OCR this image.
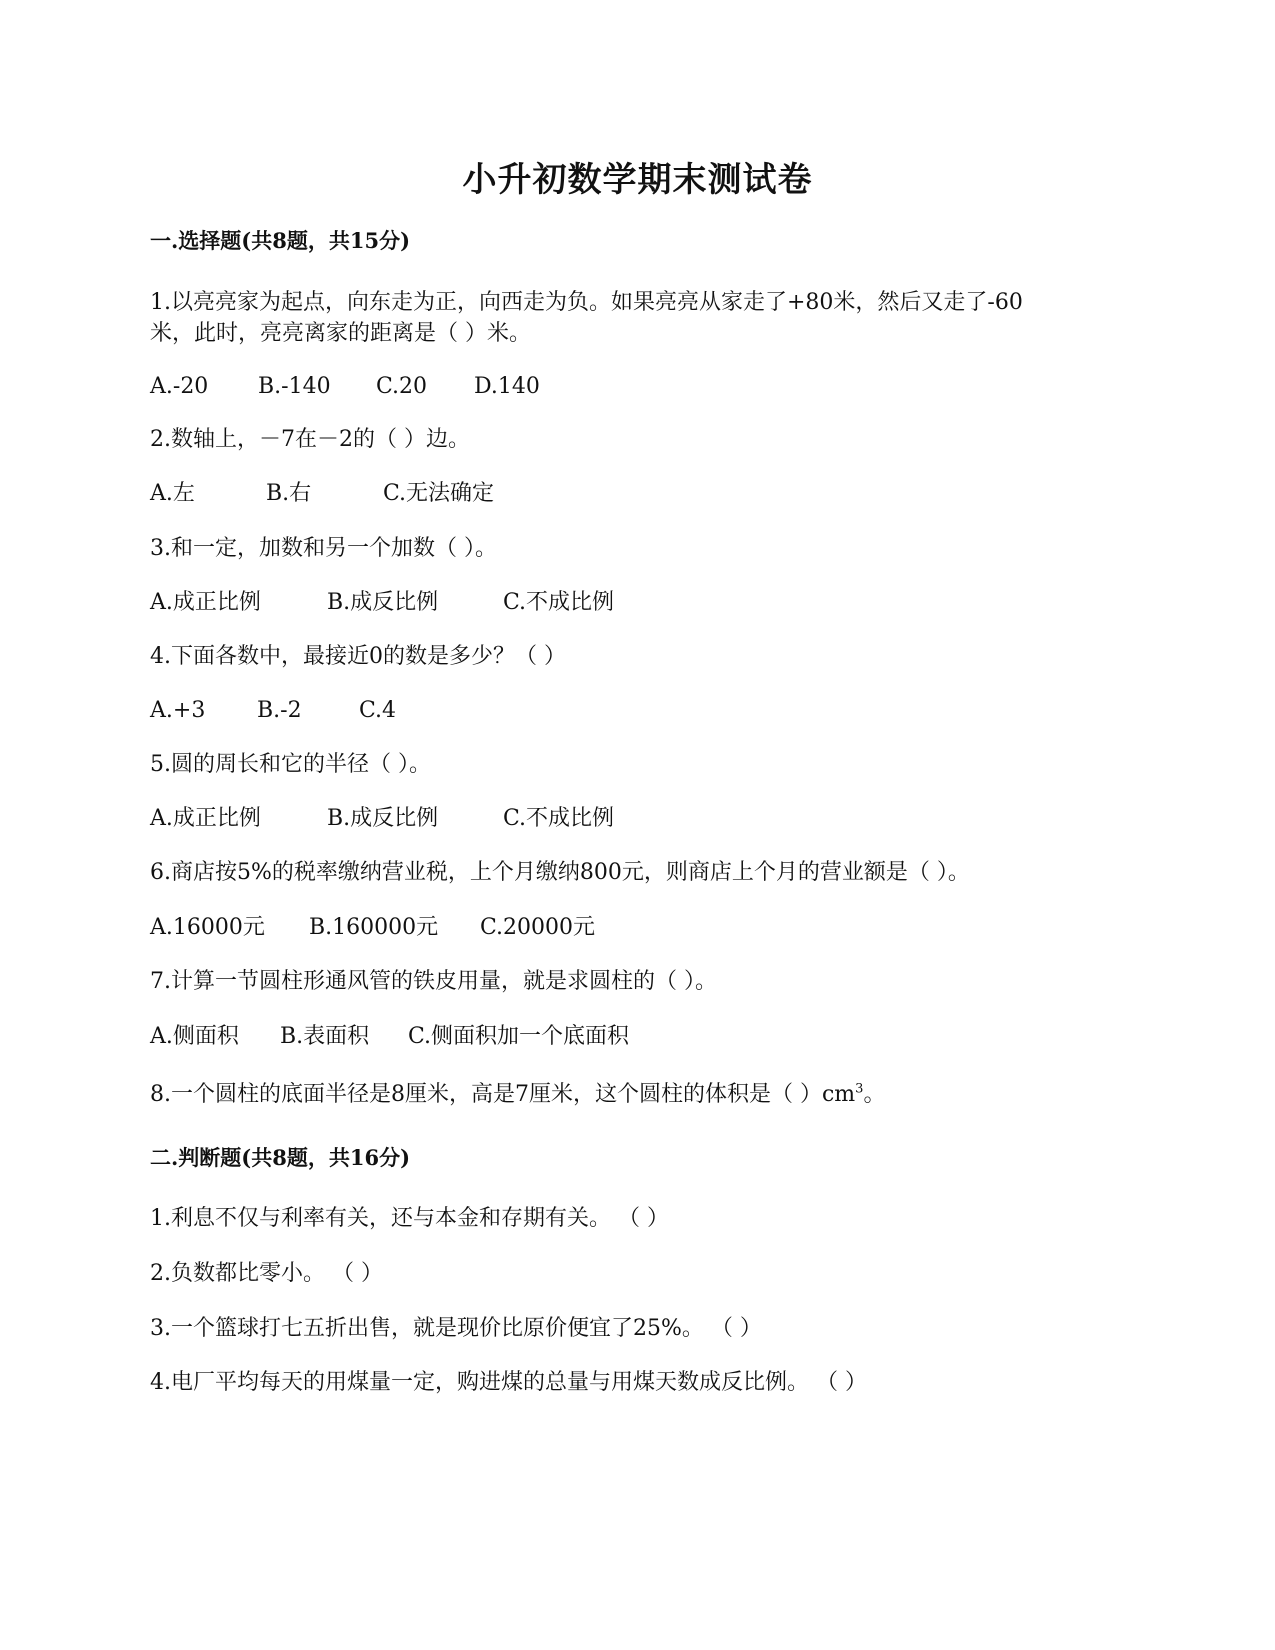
小升初数学期末测试卷
一.选择题(共8题，共15分)
1.以亮亮家为起点，向东走为正，向西走为负。如果亮亮从家走了+80米，然后又走了-60
米，此时，亮亮离家的距离是（ ）米。
A.-20 B.-140 C.20 D.140
2.数轴上，－7在－2的（ ）边。
A.左	B.右	C.无法确定
3.和一定，加数和另一个加数（ ）。
A.成正比例	B.成反比例	C.不成比例
4.下面各数中，最接近0的数是多少？（ ）
A.+3 B.-2	C.4
5.圆的周长和它的半径（ ）。
A.成正比例	B.成反比例	C.不成比例
6.商店按5%的税率缴纳营业税，上个月缴纳800元，则商店上个月的营业额是（ ）。
A.16000元 B.160000元 C.20000元
7.计算一节圆柱形通风管的铁皮用量，就是求圆柱的（ ）。
A.侧面积 B.表面积 C.侧面积加一个底面积
8.一个圆柱的底面半径是8厘米，高是7厘米，这个圆柱的体积是（ ）$cm^3$。
二.判断题(共8题，共16分)
1.利息不仅与利率有关，还与本金和存期有关。 （ ）
2.负数都比零小。 （ ）
3.一个篮球打七五折出售，就是现价比原价便宜了25%。 （ ）
4.电厂平均每天的用煤量一定，购进煤的总量与用煤天数成反比例。 （ ）
